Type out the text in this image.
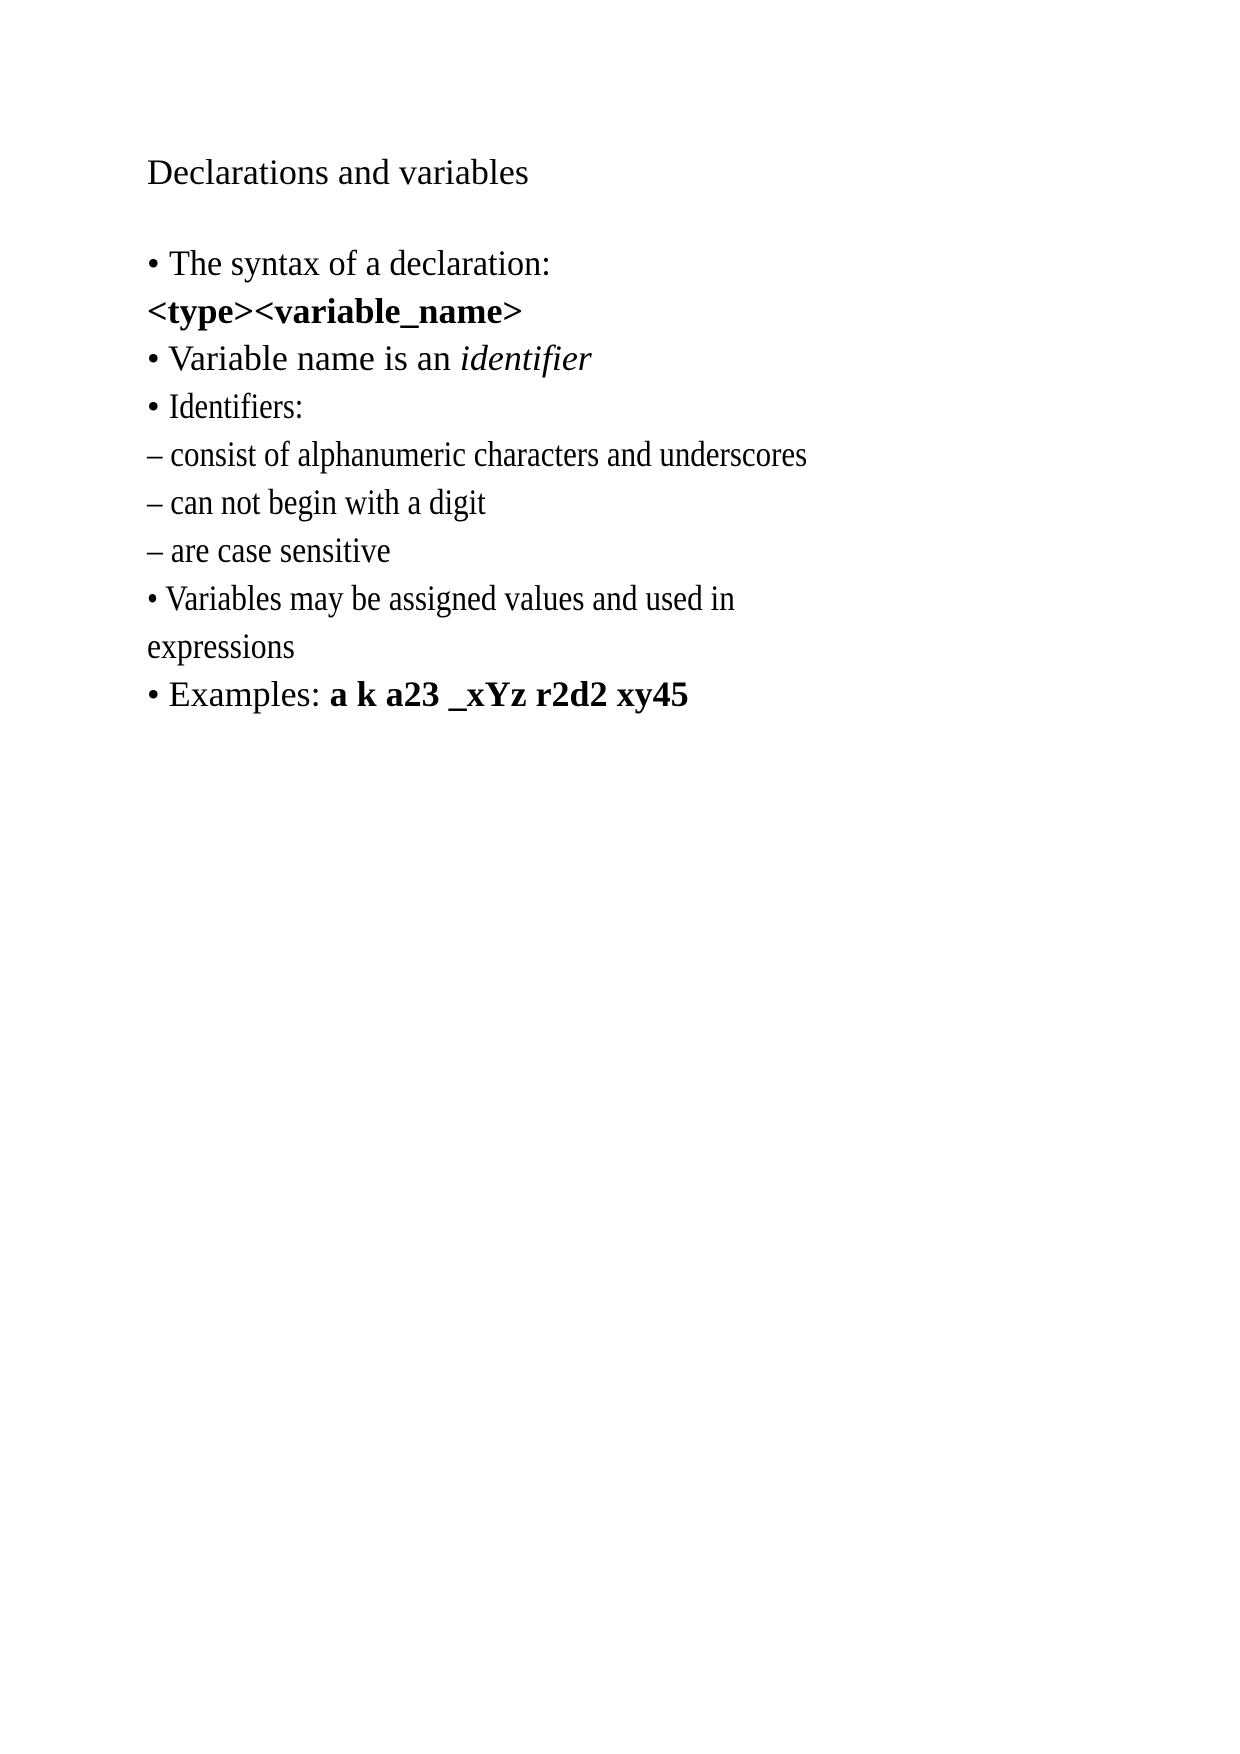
Declarations and variables
• The syntax of a declaration:
<type><variable_name>
• Variable name is an identifier
• Identifiers:
– consist of alphanumeric characters and underscores
– can not begin with a digit
– are case sensitive
• Variables may be assigned values and used in
expressions
• Examples: a k a23 _xYz r2d2 xy45
